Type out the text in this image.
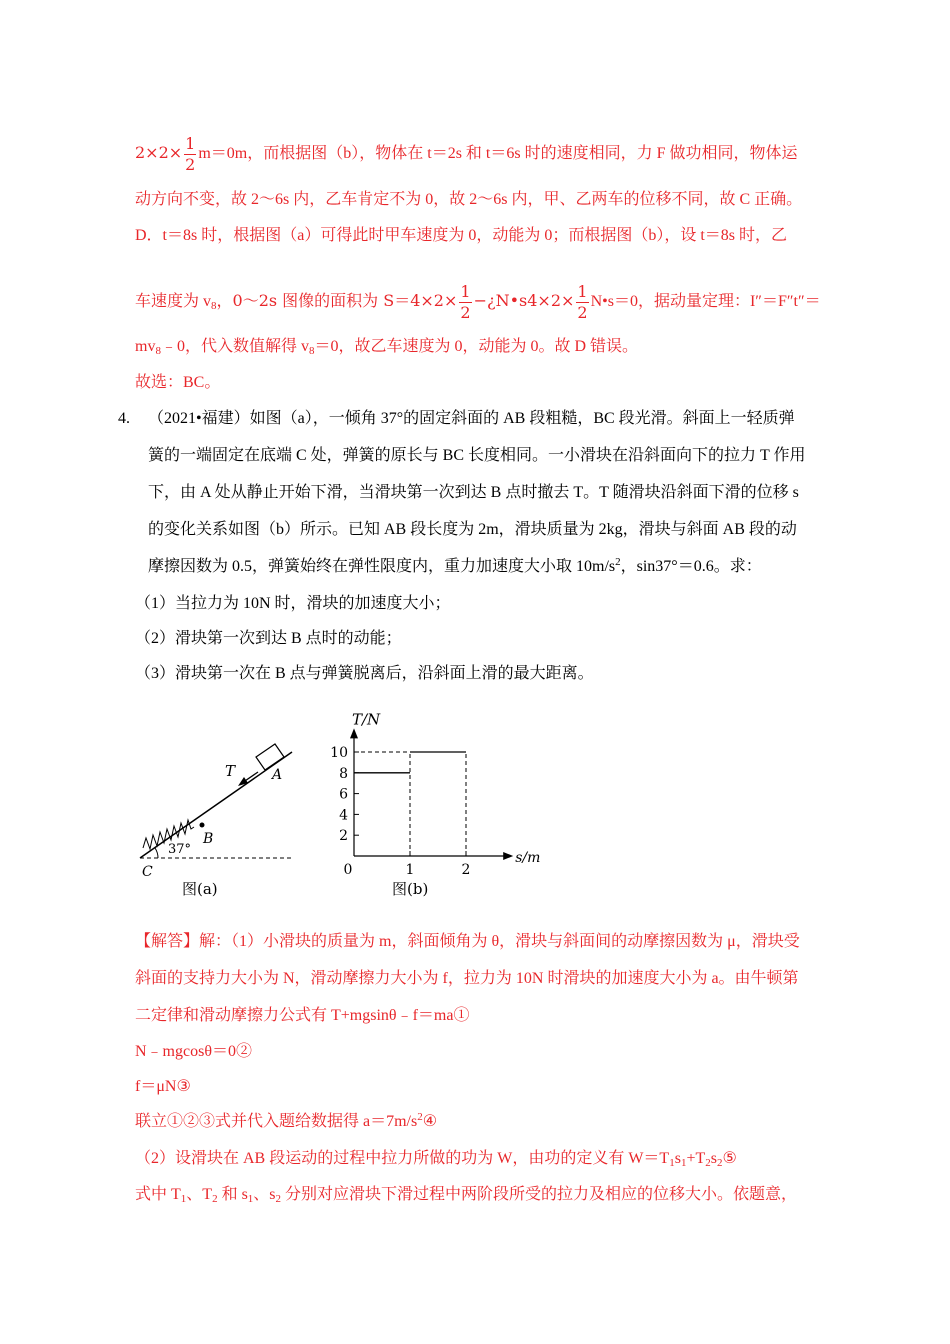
$2\times 2\times \frac{1}{2} m=0m$，而根据图（b），物体在 t＝2s 和 t＝6s 时的速度相同，力 F 做功相同，物体运
动方向不变，故 2～6s 内，乙车肯定不为 0，故 2～6s 内，甲、乙两车的位移不同，故 C 正确。
D．t＝8s 时，根据图（a）可得此时甲车速度为 0，动能为 0；而根据图（b），设 t＝8s 时，乙
车速度为 $v_8$，0～2s 图像的面积为 $S=4\times 2\times \frac{1}{2}$ −¿N•s4×2× $\frac{1}{2}$ N•s＝0，据动量定理：I″＝F″t″＝
$mv_8﹣0$，代入数值解得 $v_8=0$，故乙车速度为 0，动能为 0。故 D 错误。
故选：BC。
4. （2021•福建）如图（a），一倾角 37°的固定斜面的 AB 段粗糙，BC 段光滑。斜面上一轻质弹
簧的一端固定在底端 C 处，弹簧的原长与 BC 长度相同。一小滑块在沿斜面向下的拉力 T 作用
下，由 A 处从静止开始下滑，当滑块第一次到达 B 点时撤去 T。T 随滑块沿斜面下滑的位移 s
的变化关系如图（b）所示。已知 AB 段长度为 2m，滑块质量为 2kg，滑块与斜面 AB 段的动
摩擦因数为 0.5，弹簧始终在弹性限度内，重力加速度大小取 $10m/s^2$，sin37°＝0.6。求：
（1）当拉力为 10N 时，滑块的加速度大小；
（2）滑块第一次到达 B 点时的动能；
（3）滑块第一次在 B 点与弹簧脱离后，沿斜面上滑的最大距离。
T	A
B
C
37°
图(a)
2
4
6
8
10
0	1	2
T/N
s/m
图(b)
【解答】解：（1）小滑块的质量为 m，斜面倾角为 θ，滑块与斜面间的动摩擦因数为 μ，滑块受
斜面的支持力大小为 N，滑动摩擦力大小为 f，拉力为 10N 时滑块的加速度大小为 a。由牛顿第
二定律和滑动摩擦力公式有 T+mgsinθ﹣f＝ma①
N﹣mgcosθ＝0②
f＝μN③
联立①②③式并代入题给数据得 $a=7m/s^2④$
（2）设滑块在 AB 段运动的过程中拉力所做的功为 W，由功的定义有 $W=T_1s_1+T_2s_2⑤$
式中 $T_1$、$T_2$ 和 $s_1$、$s_2$ 分别对应滑块下滑过程中两阶段所受的拉力及相应的位移大小。依题意，
